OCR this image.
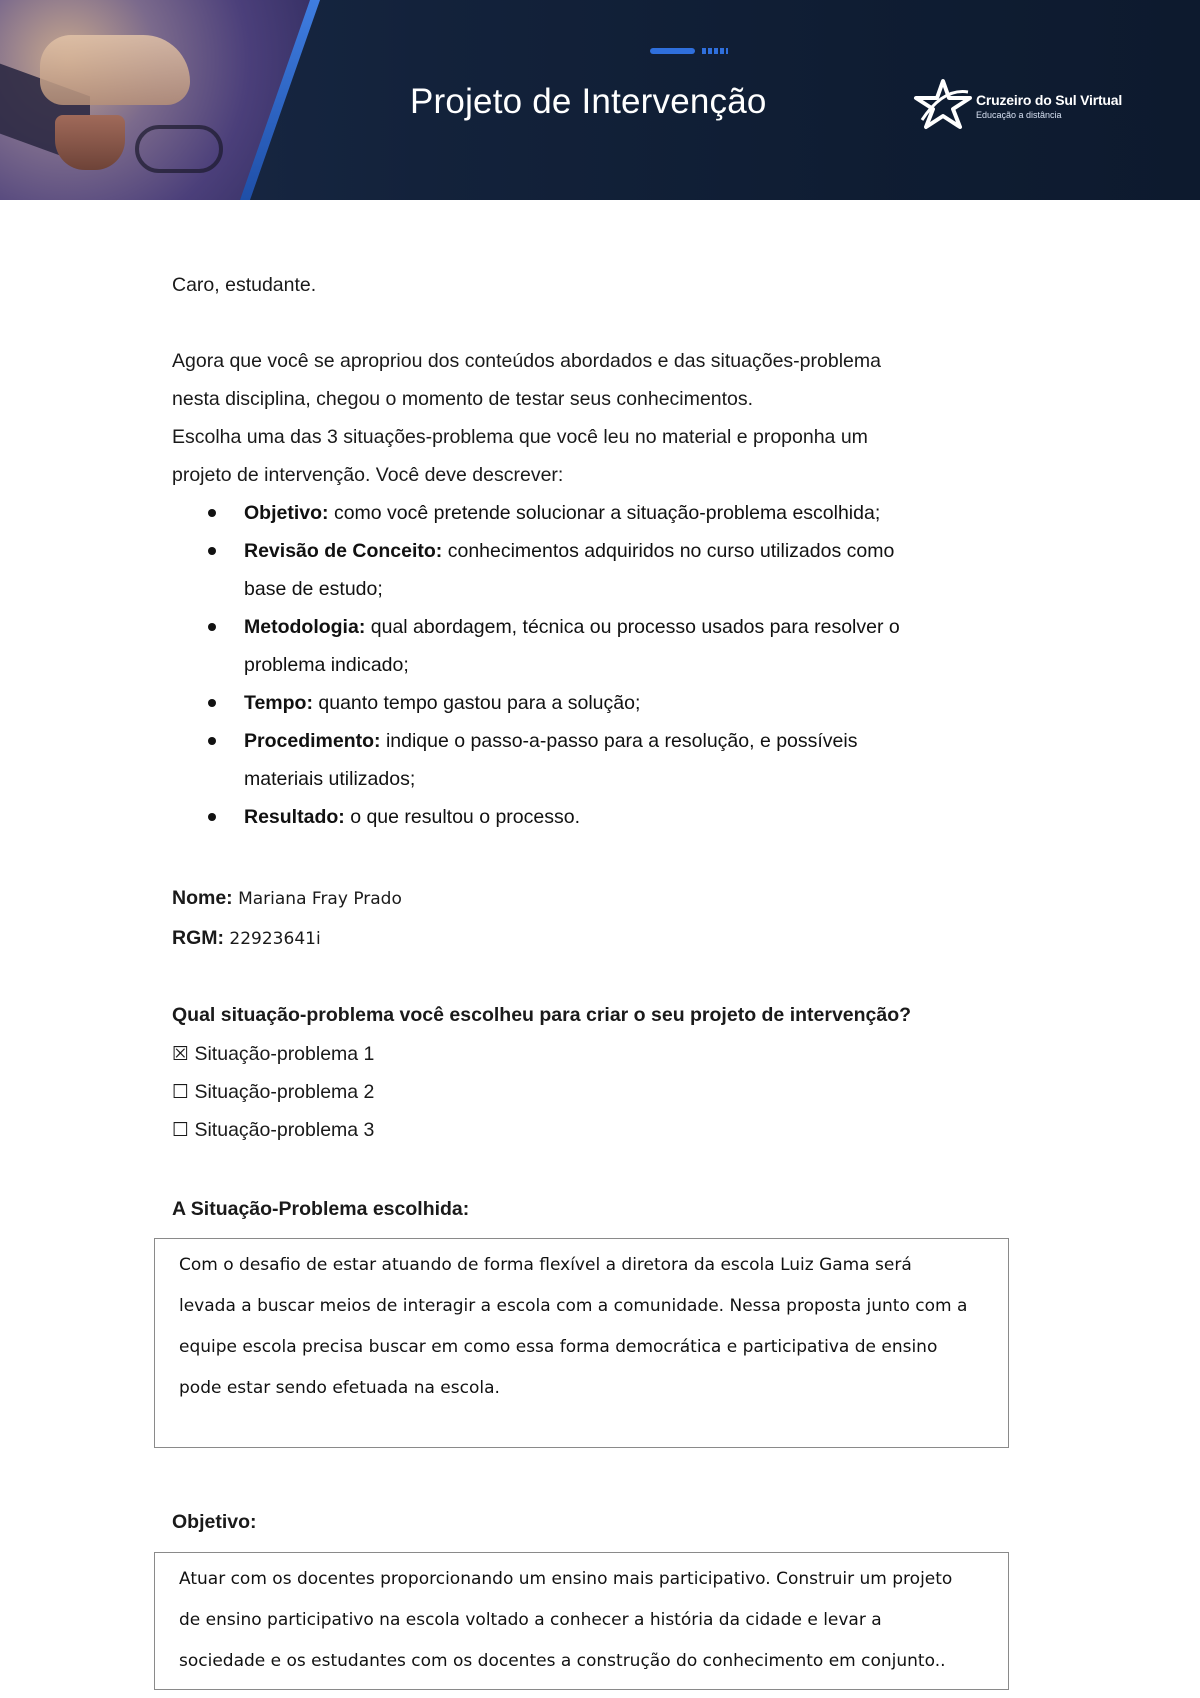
Projeto de Intervenção	Cruzeiro do Sul Virtual
Educação a distância
Caro, estudante.
Agora que você se apropriou dos conteúdos abordados e das situações-problema
nesta disciplina, chegou o momento de testar seus conhecimentos.
Escolha uma das 3 situações-problema que você leu no material e proponha um
projeto de intervenção. Você deve descrever:
Objetivo: como você pretende solucionar a situação-problema escolhida;
Revisão de Conceito: conhecimentos adquiridos no curso utilizados como
base de estudo;
Metodologia: qual abordagem, técnica ou processo usados para resolver o
problema indicado;
Tempo: quanto tempo gastou para a solução;
Procedimento: indique o passo-a-passo para a resolução, e possíveis
materiais utilizados;
Resultado: o que resultou o processo.
Nome: Mariana Fray Prado
RGM: 22923641i
Qual situação-problema você escolheu para criar o seu projeto de intervenção?
☒ Situação-problema 1
☐ Situação-problema 2
☐ Situação-problema 3
A Situação-Problema escolhida:
Com o desafio de estar atuando de forma flexível a diretora da escola Luiz Gama será
levada a buscar meios de interagir a escola com a comunidade. Nessa proposta junto com a
equipe escola precisa buscar em como essa forma democrática e participativa de ensino
pode estar sendo efetuada na escola.
Objetivo:
Atuar com os docentes proporcionando um ensino mais participativo. Construir um projeto
de ensino participativo na escola voltado a conhecer a história da cidade e levar a
sociedade e os estudantes com os docentes a construção do conhecimento em conjunto..
